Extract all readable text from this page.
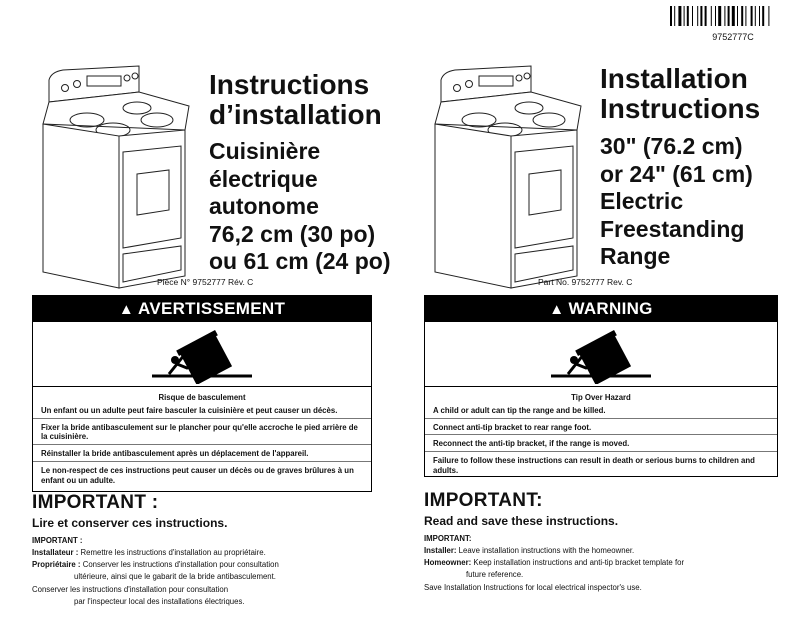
Instructions
d’installation
Cuisinière
électrique
autonome
76,2 cm (30 po)
ou 61 cm (24 po)
Pièce N° 9752777 Rév. C
▲ AVERTISSEMENT
Risque de basculement
Un enfant ou un adulte peut faire basculer la cuisinière et peut causer un décès.
Fixer la bride antibasculement sur le plancher pour qu'elle accroche le pied arrière de la cuisinière.
Réinstaller la bride antibasculement après un déplacement de l'appareil.
Le non-respect de ces instructions peut causer un décès ou de graves brûlures à un enfant ou un adulte.
IMPORTANT :
Lire et conserver ces instructions.

IMPORTANT :

Installateur : Remettre les instructions d'installation au propriétaire.

Propriétaire : Conserver les instructions d'installation pour consultation

ultérieure, ainsi que le gabarit de la bride antibasculement.

Conserver les instructions d'installation pour consultation

par l'inspecteur local des installations électriques.

9752777C
Installation
Instructions
30" (76.2 cm)
or 24" (61 cm)
Electric
Freestanding
Range
Part No. 9752777 Rev. C
▲ WARNING
Tip Over Hazard
A child or adult can tip the range and be killed.
Connect anti-tip bracket to rear range foot.
Reconnect the anti-tip bracket, if the range is moved.
Failure to follow these instructions can result in death or serious burns to children and adults.
IMPORTANT:
Read and save these instructions.

IMPORTANT:

Installer: Leave installation instructions with the homeowner.

Homeowner: Keep installation instructions and anti-tip bracket template for

future reference.

Save Installation Instructions for local electrical inspector's use.
